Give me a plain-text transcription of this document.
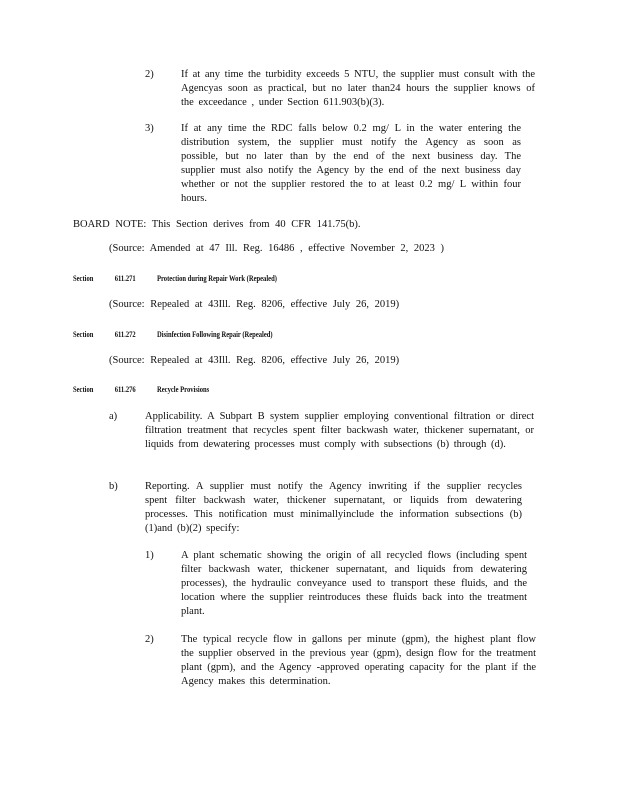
2)	If at any time the turbidity exceeds 5 NTU, the supplier must consult with the Agencyas soon as practical, but no later than24 hours the supplier knows of the exceedance , under Section 611.903(b)(3).
3)	If at any time the RDC falls below 0.2 mg/ L in the water entering the distribution system, the supplier must notify the Agency as soon as possible, but no later than by the end of the next business day. The supplier must also notify the Agency by the end of the next business day whether or not the supplier restored the to at least 0.2 mg/ L within four hours.
BOARD NOTE: This Section derives from 40 CFR 141.75(b).
(Source: Amended at 47 Ill. Reg. 16486 , effective November 2, 2023 )
Section	611.271	Protection during Repair Work (Repealed)
(Source: Repealed at 43Ill. Reg. 8206, effective July 26, 2019)
Section	611.272	Disinfection Following Repair (Repealed)
(Source: Repealed at 43Ill. Reg. 8206, effective July 26, 2019)
Section	611.276	Recycle Provisions
a)	Applicability. A Subpart B system supplier employing conventional filtration or direct filtration treatment that recycles spent filter backwash water, thickener supernatant, or liquids from dewatering processes must comply with subsections (b) through (d).
b)	Reporting. A supplier must notify the Agency inwriting if the supplier recycles spent filter backwash water, thickener supernatant, or liquids from dewatering processes. This notification must minimallyinclude the information subsections (b)(1)and (b)(2) specify:
1)	A plant schematic showing the origin of all recycled flows (including spent filter backwash water, thickener supernatant, and liquids from dewatering processes), the hydraulic conveyance used to transport these fluids, and the location where the supplier reintroduces these fluids back into the treatment plant.
2)	The typical recycle flow in gallons per minute (gpm), the highest plant flow the supplier observed in the previous year (gpm), design flow for the treatment plant (gpm), and the Agency -approved operating capacity for the plant if the Agency makes this determination.
